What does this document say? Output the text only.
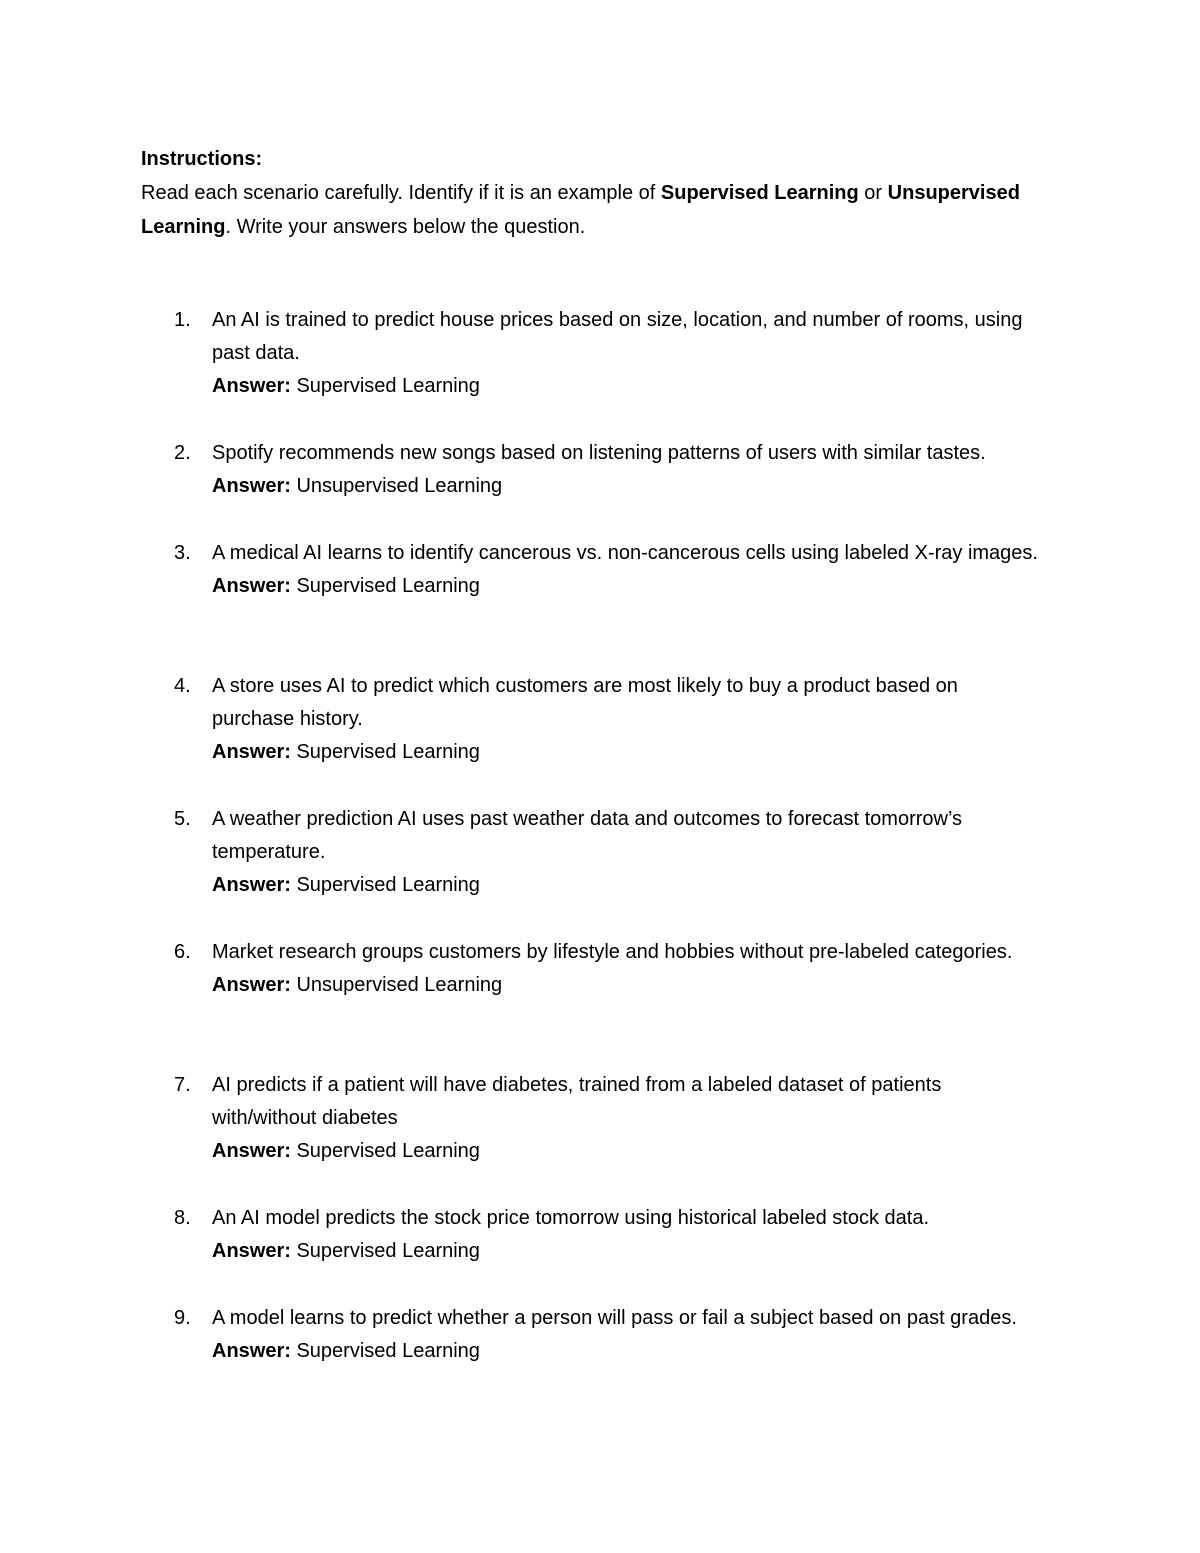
Instructions:
Read each scenario carefully. Identify if it is an example of Supervised Learning or Unsupervised Learning. Write your answers below the question.
1.	An AI is trained to predict house prices based on size, location, and number of rooms, using past data.
Answer: Supervised Learning
2.	Spotify recommends new songs based on listening patterns of users with similar tastes.
Answer: Unsupervised Learning
3.	A medical AI learns to identify cancerous vs. non-cancerous cells using labeled X-ray images.
Answer: Supervised Learning
4.	A store uses AI to predict which customers are most likely to buy a product based on purchase history.
Answer: Supervised Learning
5.	A weather prediction AI uses past weather data and outcomes to forecast tomorrow’s temperature.
Answer: Supervised Learning
6.	Market research groups customers by lifestyle and hobbies without pre-labeled categories.
Answer: Unsupervised Learning
7.	AI predicts if a patient will have diabetes, trained from a labeled dataset of patients with/without diabetes
Answer: Supervised Learning
8.	An AI model predicts the stock price tomorrow using historical labeled stock data.
Answer: Supervised Learning
9.	A model learns to predict whether a person will pass or fail a subject based on past grades.
Answer: Supervised Learning
